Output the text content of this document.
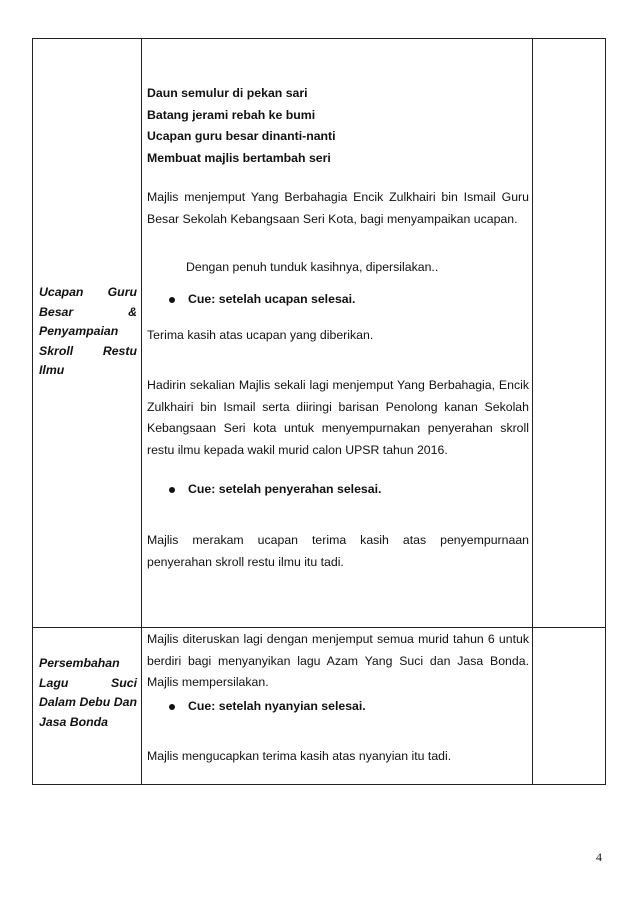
Ucapan Guru Besar & Penyampaian Skroll Restu Ilmu
Daun semulur di pekan sari
Batang jerami rebah ke bumi
Ucapan guru besar dinanti-nanti
Membuat majlis bertambah seri

Majlis menjemput Yang Berbahagia Encik Zulkhairi bin Ismail Guru Besar Sekolah Kebangsaan Seri Kota, bagi menyampaikan ucapan.

Dengan penuh tunduk kasihnya, dipersilakan..

Cue: setelah ucapan selesai.

Terima kasih atas ucapan yang diberikan.

Hadirin sekalian Majlis sekali lagi menjemput Yang Berbahagia, Encik Zulkhairi bin Ismail serta diiringi barisan Penolong kanan Sekolah Kebangsaan Seri kota untuk menyempurnakan penyerahan skroll restu ilmu kepada wakil murid calon UPSR tahun 2016.

Cue: setelah penyerahan selesai.

Majlis merakam ucapan terima kasih atas penyempurnaan penyerahan skroll restu ilmu itu tadi.

Persembahan Lagu Suci Dalam Debu Dan Jasa Bonda

Majlis diteruskan lagi dengan menjemput semua murid tahun 6 untuk berdiri bagi menyanyikan lagu Azam Yang Suci dan Jasa Bonda. Majlis mempersilakan.

Cue: setelah nyanyian selesai.

Majlis mengucapkan terima kasih atas nyanyian itu tadi.

4
